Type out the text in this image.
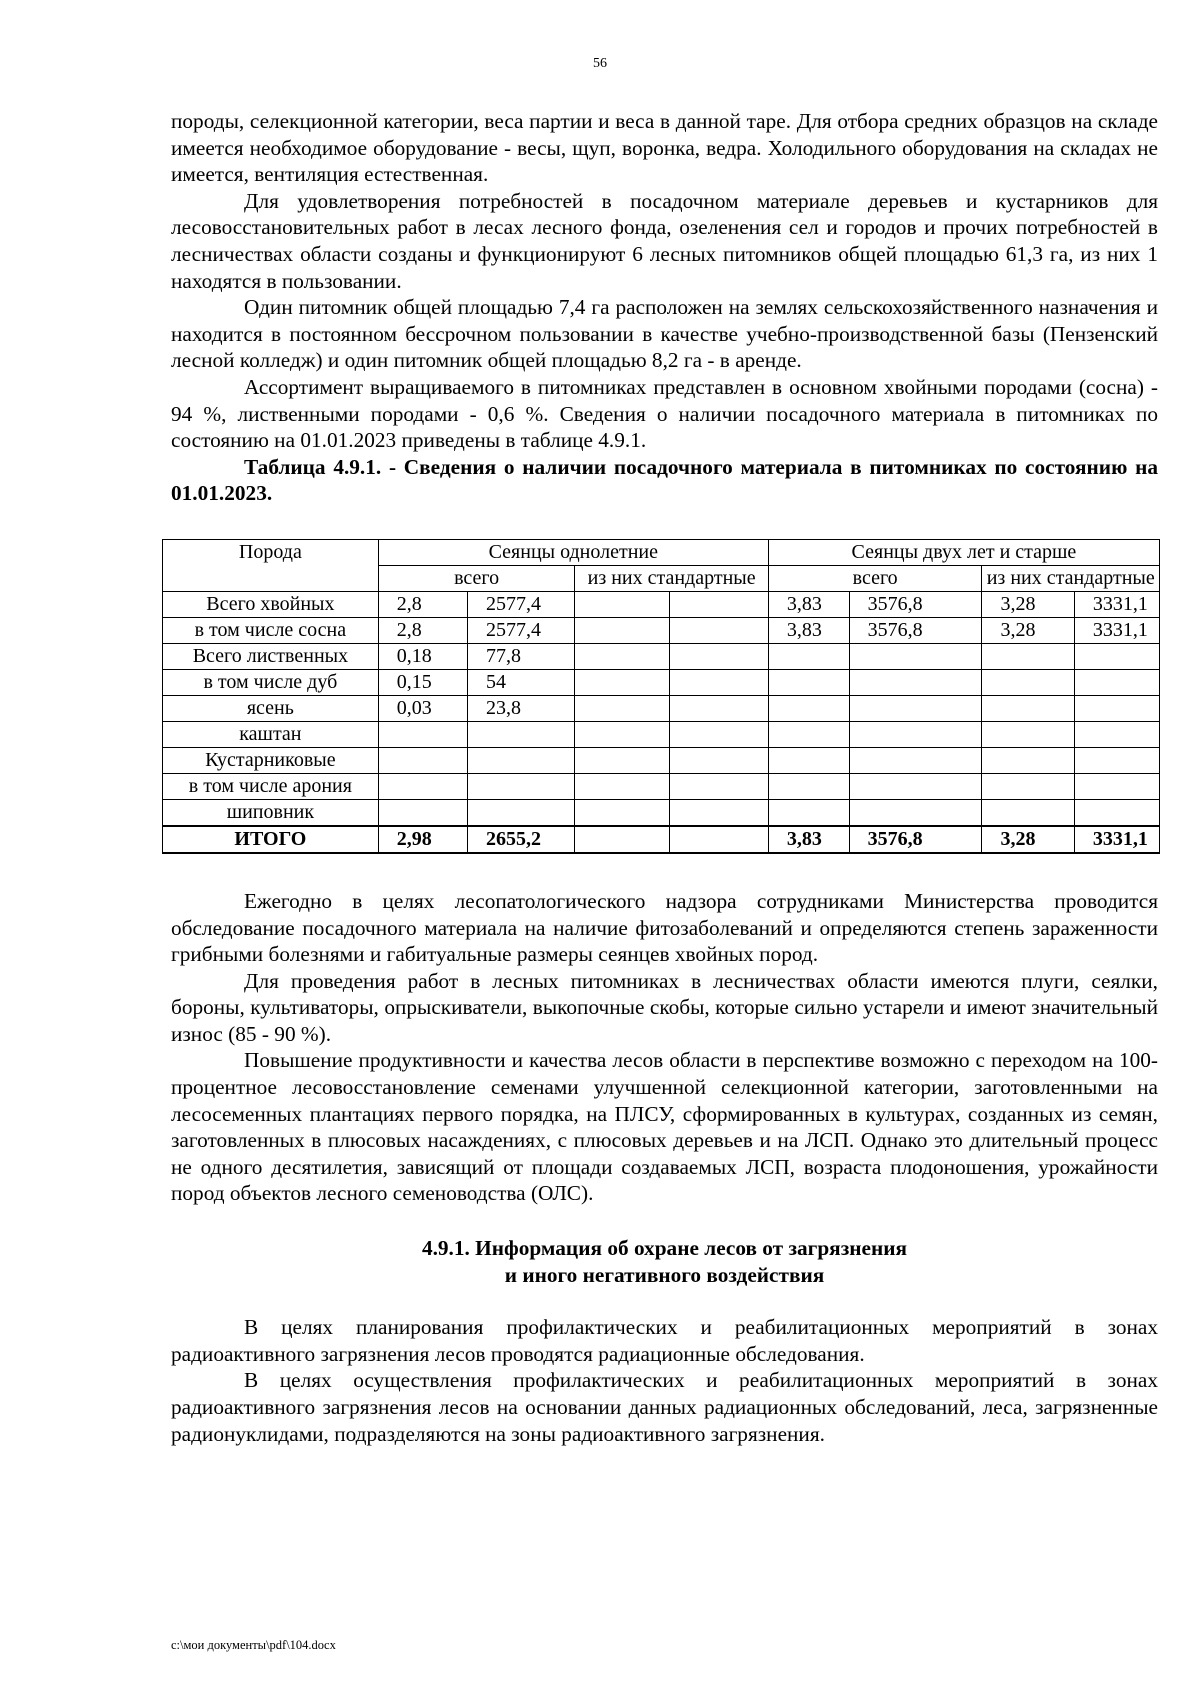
56

породы, селекционной категории, веса партии и веса в данной таре. Для отбора средних образцов на складе имеется необходимое оборудование - весы, щуп, воронка, ведра. Холодильного оборудования на складах не имеется, вентиляция естественная.

Для удовлетворения потребностей в посадочном материале деревьев и кустарников для лесовосстановительных работ в лесах лесного фонда, озеленения сел и городов и прочих потребностей в лесничествах области созданы и функционируют 6 лесных питомников общей площадью 61,3 га, из них 1 находятся в пользовании.

Один питомник общей площадью 7,4 га расположен на землях сельскохозяйственного назначения и находится в постоянном бессрочном пользовании в качестве учебно-производственной базы (Пензенский лесной колледж) и один питомник общей площадью 8,2 га - в аренде.

Ассортимент выращиваемого в питомниках представлен в основном хвойными породами (сосна) - 94 %, лиственными породами - 0,6 %. Сведения о наличии посадочного материала в питомниках по состоянию на 01.01.2023 приведены в таблице 4.9.1.

Таблица 4.9.1. - Сведения о наличии посадочного материала в питомниках по состоянию на 01.01.2023.

Порода	Сеянцы однолетние				Сеянцы двух лет и старше			
	всего		из них стандартные		всего		из них стандартные	
Всего хвойных	2,8	2577,4			3,83	3576,8	3,28	3331,1
в том числе сосна	2,8	2577,4			3,83	3576,8	3,28	3331,1
Всего лиственных	0,18	77,8						
в том числе дуб	0,15	54						
ясень	0,03	23,8						
каштан								
Кустарниковые								
в том числе арония								
шиповник								
ИТОГО	2,98	2655,2			3,83	3576,8	3,28	3331,1

Ежегодно в целях лесопатологического надзора сотрудниками Министерства проводится обследование посадочного материала на наличие фитозаболеваний и определяются степень зараженности грибными болезнями и габитуальные размеры сеянцев хвойных пород.

Для проведения работ в лесных питомниках в лесничествах области имеются плуги, сеялки, бороны, культиваторы, опрыскиватели, выкопочные скобы, которые сильно устарели и имеют значительный износ (85 - 90 %).

Повышение продуктивности и качества лесов области в перспективе возможно с переходом на 100-процентное лесовосстановление семенами улучшенной селекционной категории, заготовленными на лесосеменных плантациях первого порядка, на ПЛСУ, сформированных в культурах, созданных из семян, заготовленных в плюсовых насаждениях, с плюсовых деревьев и на ЛСП. Однако это длительный процесс не одного десятилетия, зависящий от площади создаваемых ЛСП, возраста плодоношения, урожайности пород объектов лесного семеноводства (ОЛС).

4.9.1. Информация об охране лесов от загрязнения
и иного негативного воздействия

В целях планирования профилактических и реабилитационных мероприятий в зонах радиоактивного загрязнения лесов проводятся радиационные обследования.

В целях осуществления профилактических и реабилитационных мероприятий в зонах радиоактивного загрязнения лесов на основании данных радиационных обследований, леса, загрязненные радионуклидами, подразделяются на зоны радиоактивного загрязнения.

c:\мои документы\pdf\104.docx
